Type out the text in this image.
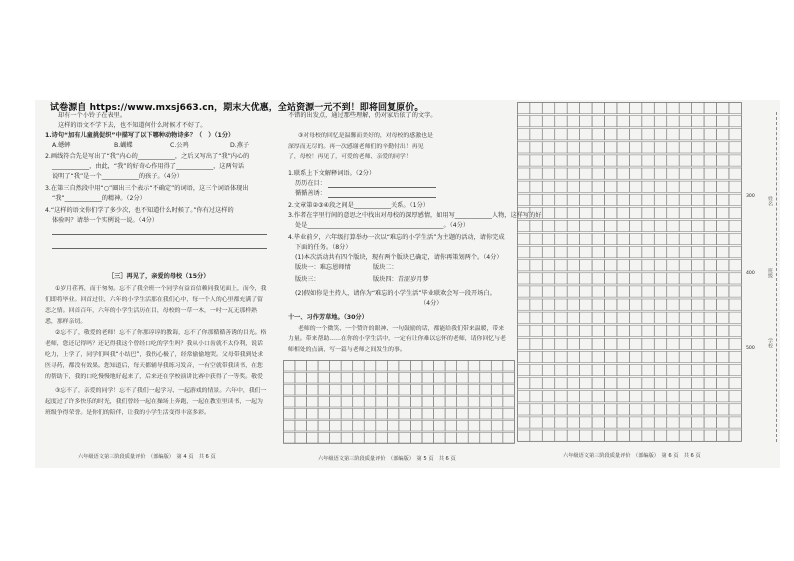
试卷源自 https://www.mxsj663.cn，期末大优惠，全站资源一元不到！即将回复原价。
却有一个小铃子在表里。
这样的语文不学下去，也不知道何什么时候才不好了。
1.诗句“加有儿童挑促织”中描写了以下哪种动物诗多？（　）（1分）
A.蟋蟀	B.蝴蝶	C.公鸡	D.燕子
2.画线符合先是写出了“我”内心的____________，之后又写出了“我”内心的
____________，由此，“我”的好奇心作用得了____________，这两句话
说明了“我”是一个____________的孩子。（4分）
3.在第三自然段中用“○”圈出三个表示“不确定”的词语，这三个词语体现出
“我”____________的精神。（2分）
4.“这样的语文你们学了多少次，也不知道什么时候了。”你有过这样的
体验吗？请举一个实例说一说。（4分）
［三］再见了，亲爱的母校（15分）
①岁月荏苒，而于匆匆。忘不了我全班一个同学有益首信赖同我见面上，而今，我们即将毕业。回首过往，六年的小学生活那在我们心中，每一个人的心里都充满了留恋之情。回首百年，六年的小学生活历在目，母校的一草一木，一吋一瓦无那样熟悉，那样亲切。
②忘不了，敬爱的老师！忘不了你那谆谆的教诲，忘不了你那循循善诱的目光。格老师，您还记得吗？还记得我这个曾经口吃的学生吗？我从小口齿就不太伶利，说话吃力，上学了，同学们叫我“小结巴”，我伤心极了，经常偷偷地哭。父母带我到处求医寻药，都没有效果。您知道后，每天都辅导我练习发音，一有空就带我读书，在您的帮助下，我的口吃慢慢地好起来了，后来还在学校演讲比赛中获得了一等奖。敬爱
③忘不了，亲爱的同学！忘不了我们一起学习、一起游戏的情景。六年中，我们一起度过了许多快乐的时光，我们曾经一起在操场上奔跑，一起在教室里读书，一起为班级争得荣誉。是你们的陪伴，让我的小学生活变得丰富多彩。
六年级语文第三阶段质量评价　（部编版）　第 4 页　共 6 页
不错的出发点，通过那些理解，仍对家后依了的文字。
③对母校的回忆是温馨而美好的，对母校的感激也是深厚而无尽的。再一次感谢老师们的辛勤付出！再见了，母校！再见了，可爱的老师、亲爱的同学！
1.联系上下文解释词语。（2分）
历历在目：
循循善诱：
2.文章第②③④段之间是____________关系。（1分）
3.作者在字里行间的意思之中找出对母校的深厚感情，如用写____________人物，这样写的好
处是____________________________________________。（4分）
4.毕业前夕，六年级打算举办一次以“难忘的小学生活”为主题的活动，请你完成
下面的任务。（8分）
(1)本次活动共有四个版块，现有两个版块已确定，请你再策划两个。（4分）
版块一：难忘恩师情	版块二：
版块三：	版块四：青涩岁月梦
(2)假如你是主持人，请你为“难忘的小学生活”毕业联欢会写一段开场白。
（4分）
十一、习作芳草地。（30分）
老师的一个微笑、一个赞许的眼神、一句鼓励的话，都能给我们带来温暖，带来力量。带来帮助……在你的小学生活中，一定有让你难以忘怀的老师，请你回忆与老师相处的点滴，写一篇与老师之间发生的事。
六年级语文第三阶段质量评价　（部编版）　第 5 页　共 6 页
300
400
500
姓名
班级
学校
六年级语文第三阶段质量评价　（部编版）　第 6 页　共 6 页
